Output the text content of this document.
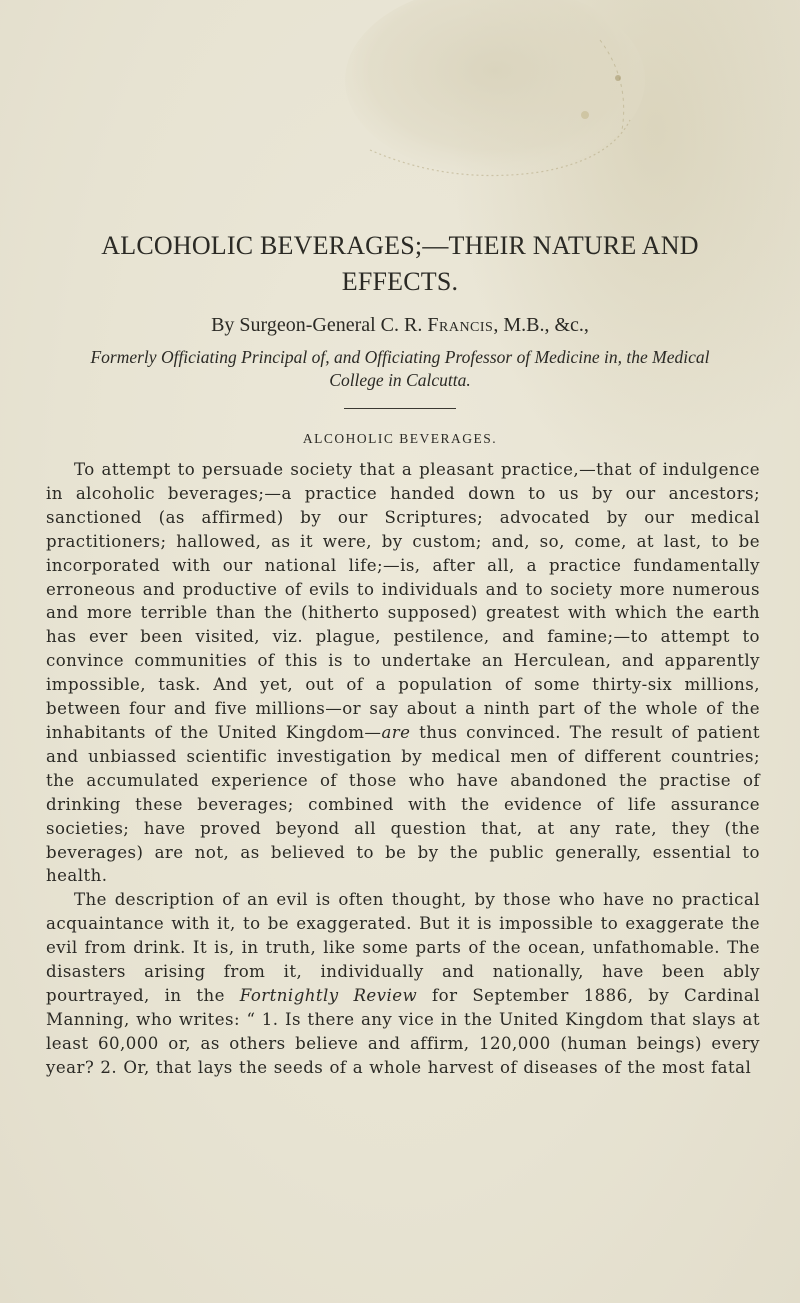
ALCOHOLIC BEVERAGES;—THEIR NATURE AND EFFECTS.
By Surgeon-General C. R. Francis, M.B., &c.,
Formerly Officiating Principal of, and Officiating Professor of Medicine in, the Medical College in Calcutta.
ALCOHOLIC BEVERAGES.

To attempt to persuade society that a pleasant practice,—that of indulgence in alcoholic beverages;—a practice handed down to us by our ancestors; sanctioned (as affirmed) by our Scriptures; advocated by our medical practitioners; hallowed, as it were, by custom; and, so, come, at last, to be incorporated with our national life;—is, after all, a practice fundamentally erroneous and productive of evils to individuals and to society more numerous and more terrible than the (hitherto supposed) greatest with which the earth has ever been visited, viz. plague, pestilence, and famine;—to attempt to convince communities of this is to undertake an Herculean, and apparently impossible, task. And yet, out of a population of some thirty-six millions, between four and five millions—or say about a ninth part of the whole of the inhabitants of the United Kingdom—are thus convinced. The result of patient and unbiassed scientific investigation by medical men of different countries; the accumulated experience of those who have abandoned the practise of drinking these beverages; combined with the evidence of life assurance societies; have proved beyond all question that, at any rate, they (the beverages) are not, as believed to be by the public generally, essential to health.

The description of an evil is often thought, by those who have no practical acquaintance with it, to be exaggerated. But it is impossible to exaggerate the evil from drink. It is, in truth, like some parts of the ocean, unfathomable. The disasters arising from it, individually and nationally, have been ably pourtrayed, in the Fortnightly Review for September 1886, by Cardinal Manning, who writes: “ 1. Is there any vice in the United Kingdom that slays at least 60,000 or, as others believe and affirm, 120,000 (human beings) every year? 2. Or, that lays the seeds of a whole harvest of diseases of the most fatal
